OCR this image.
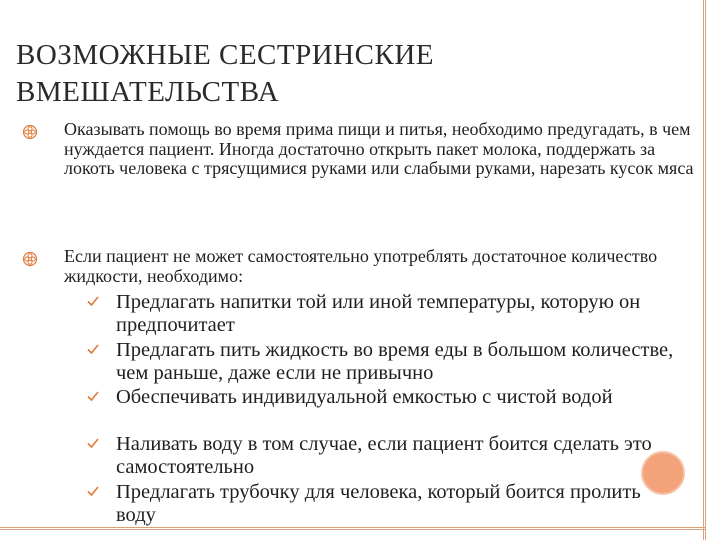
ВОЗМОЖНЫЕ СЕСТРИНСКИЕ ВМЕШАТЕЛЬСТВА
Оказывать помощь во время прима пищи и питья, необходимо предугадать, в чем нуждается пациент. Иногда достаточно открыть пакет молока, поддержать за локоть человека с трясущимися руками или слабыми руками, нарезать кусок мяса
Если пациент не может самостоятельно употреблять достаточное количество жидкости, необходимо:
Предлагать напитки той или иной температуры, которую он предпочитает
Предлагать пить жидкость во время еды в большом количестве, чем раньше, даже если не привычно
Обеспечивать индивидуальной емкостью с чистой водой
Наливать воду в том случае, если пациент боится сделать это самостоятельно
Предлагать трубочку для человека, который боится пролить воду
